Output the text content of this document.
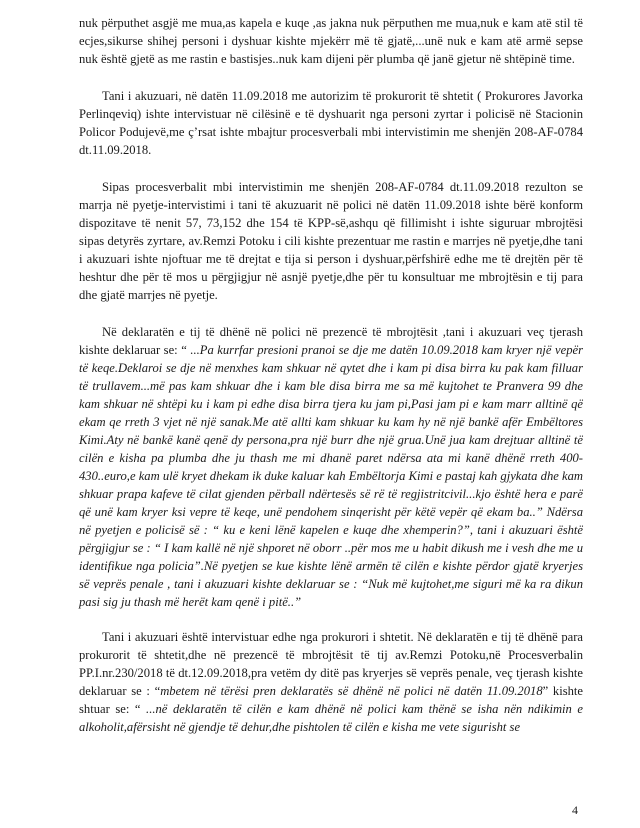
nuk përputhet asgjë me mua,as kapela e kuqe ,as jakna nuk përputhen me mua,nuk e kam atë stil të ecjes,sikurse shihej personi i dyshuar kishte mjekërr më të gjatë,...unë nuk e kam atë armë sepse nuk është gjetë as me rastin e bastisjes..nuk kam dijeni për plumba që janë gjetur në shtëpinë time.

Tani i akuzuari, në datën 11.09.2018 me autorizim të prokurorit të shtetit ( Prokurores Javorka Perlinqeviq) ishte intervistuar në cilësinë e të dyshuarit nga personi zyrtar i policisë në Stacionin Policor Podujevë,me ç’rsat ishte mbajtur procesverbali mbi intervistimin me shenjën 208-AF-0784 dt.11.09.2018.

Sipas procesverbalit mbi intervistimin me shenjën 208-AF-0784 dt.11.09.2018 rezulton se marrja në pyetje-intervistimi i tani të akuzuarit në polici në datën 11.09.2018 ishte bërë konform dispozitave të nenit 57, 73,152 dhe 154 të KPP-së,ashqu që fillimisht i ishte siguruar mbrojtësi sipas detyrës zyrtare, av.Remzi Potoku i cili kishte prezentuar me rastin e marrjes në pyetje,dhe tani i akuzuari ishte njoftuar me të drejtat e tija si person i dyshuar,përfshirë edhe me të drejtën për të heshtur dhe për të mos u përgjigjur në asnjë pyetje,dhe për tu konsultuar me mbrojtësin e tij para dhe gjatë marrjes në pyetje.

Në deklaratën e tij të dhënë në polici në prezencë të mbrojtësit ,tani i akuzuari veç tjerash kishte deklaruar se: “ ...Pa kurrfar presioni pranoi se dje me datën 10.09.2018 kam kryer një vepër të keqe.Deklaroi se dje në menxhes kam shkuar në qytet dhe i kam pi disa birra ku pak kam filluar të trullavem...më pas kam shkuar dhe i kam ble disa birra me sa më kujtohet te Pranvera 99 dhe kam shkuar në shtëpi ku i kam pi edhe disa birra tjera ku jam pi,Pasi jam pi e kam marr alltinë që ekam qe rreth 3 vjet në një sanak.Me atë allti kam shkuar ku kam hy në një bankë afër Embëltores Kimi.Aty në bankë kanë qenë dy persona,pra një burr dhe një grua.Unë jua kam drejtuar alltinë të cilën e kisha pa plumba dhe ju thash me mi dhanë paret ndërsa ata mi kanë dhënë rreth 400-430..euro,e kam ulë kryet dhekam ik duke kaluar kah Embëltorja Kimi e pastaj kah gjykata dhe kam shkuar prapa kafeve të cilat gjenden përball ndërtesës së rë të regjistritcivil...kjo është hera e parë që unë kam kryer ksi vepre të keqe, unë pendohem sinqerisht për këtë vepër që ekam ba..” Ndërsa në pyetjen e policisë së : “ ku e keni lënë kapelen e kuqe dhe xhemperin?”, tani i akuzuari është përgjigjur se : “ I kam kallë në një shporet në oborr ..për mos me u habit dikush me i vesh dhe me u identifikue nga policia”.Në pyetjen se kue kishte lënë armën të cilën e kishte përdor gjatë kryerjes së veprës penale , tani i akuzuari kishte deklaruar se : “Nuk më kujtohet,me siguri më ka ra dikun pasi sig ju thash më herët kam qenë i pitë..”

Tani i akuzuari është intervistuar edhe nga prokurori i shtetit. Në deklaratën e tij të dhënë para prokurorit të shtetit,dhe në prezencë të mbrojtësit të tij av.Remzi Potoku,në Procesverbalin PP.I.nr.230/2018 të dt.12.09.2018,pra vetëm dy ditë pas kryerjes së veprës penale, veç tjerash kishte deklaruar se : “mbetem në tërësi pren deklaratës së dhënë në polici në datën 11.09.2018” kishte shtuar se: “ ...në deklaratën të cilën e kam dhënë në polici kam thënë se isha nën ndikimin e alkoholit,afërsisht në gjendje të dehur,dhe pishtolen të cilën e kisha me vete sigurisht se

4
